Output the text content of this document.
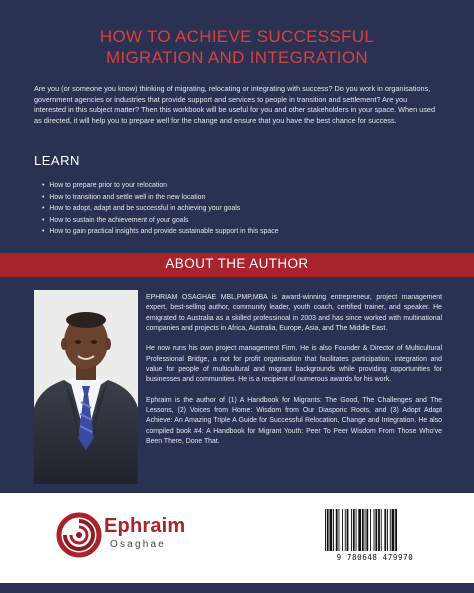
HOW TO ACHIEVE SUCCESSFUL
MIGRATION AND INTEGRATION

Are you (or someone you know) thinking of migrating, relocating or integrating with success? Do you work in organisations, government agencies or industries that provide support and services to people in transition and settlement? Are you interested in this subject matter? Then this workbook will be useful for you and other stakeholders in your space. When used as directed, it will help you to prepare well for the change and ensure that you have the best chance for success.

LEARN
• How to prepare prior to your relocation
• How to transition and settle well in the new location
• How to adopt, adapt and be successful in achieving your goals
• How to sustain the achievement of your goals
• How to gain practical insights and provide sustainable support in this space
ABOUT THE AUTHOR

EPHRIAM OSAGHAE MBL,PMP,MBA is award-winning entrepreneur, project management expert, best-selling author, community leader, youth coach, certified trainer, and speaker. He emigrated to Australia as a skilled professinoal in 2003 and has since worked with multinational companies and projects in Africa, Australia, Europe, Asia, and The Middle East.

He now runs his own project management Firm. He is also Founder & Director of Multicultural Professional Bridge, a not for profit organisation that facilitates participation, integration and value for people of multicultural and migrant backgrounds while providing opportunities for businesses and communities. He is a recipient of numerous awards for his work.

Ephraim is the author of (1) A Handbook for Migrants: The Good, The Challenges and The Lessons, (2) Voices from Home: Wisdom from Our Diasporic Roots, and (3) Adopt Adapt Achieve: An Amazing Triple A Guide for Successful Relocation, Change and Integration. He also compiled book #4: A Handbook for Migrant Youth: Peer To Peer Wisdom From Those Who've Been There, Done That.

Ephraim
Osaghae
9 780648 479970
